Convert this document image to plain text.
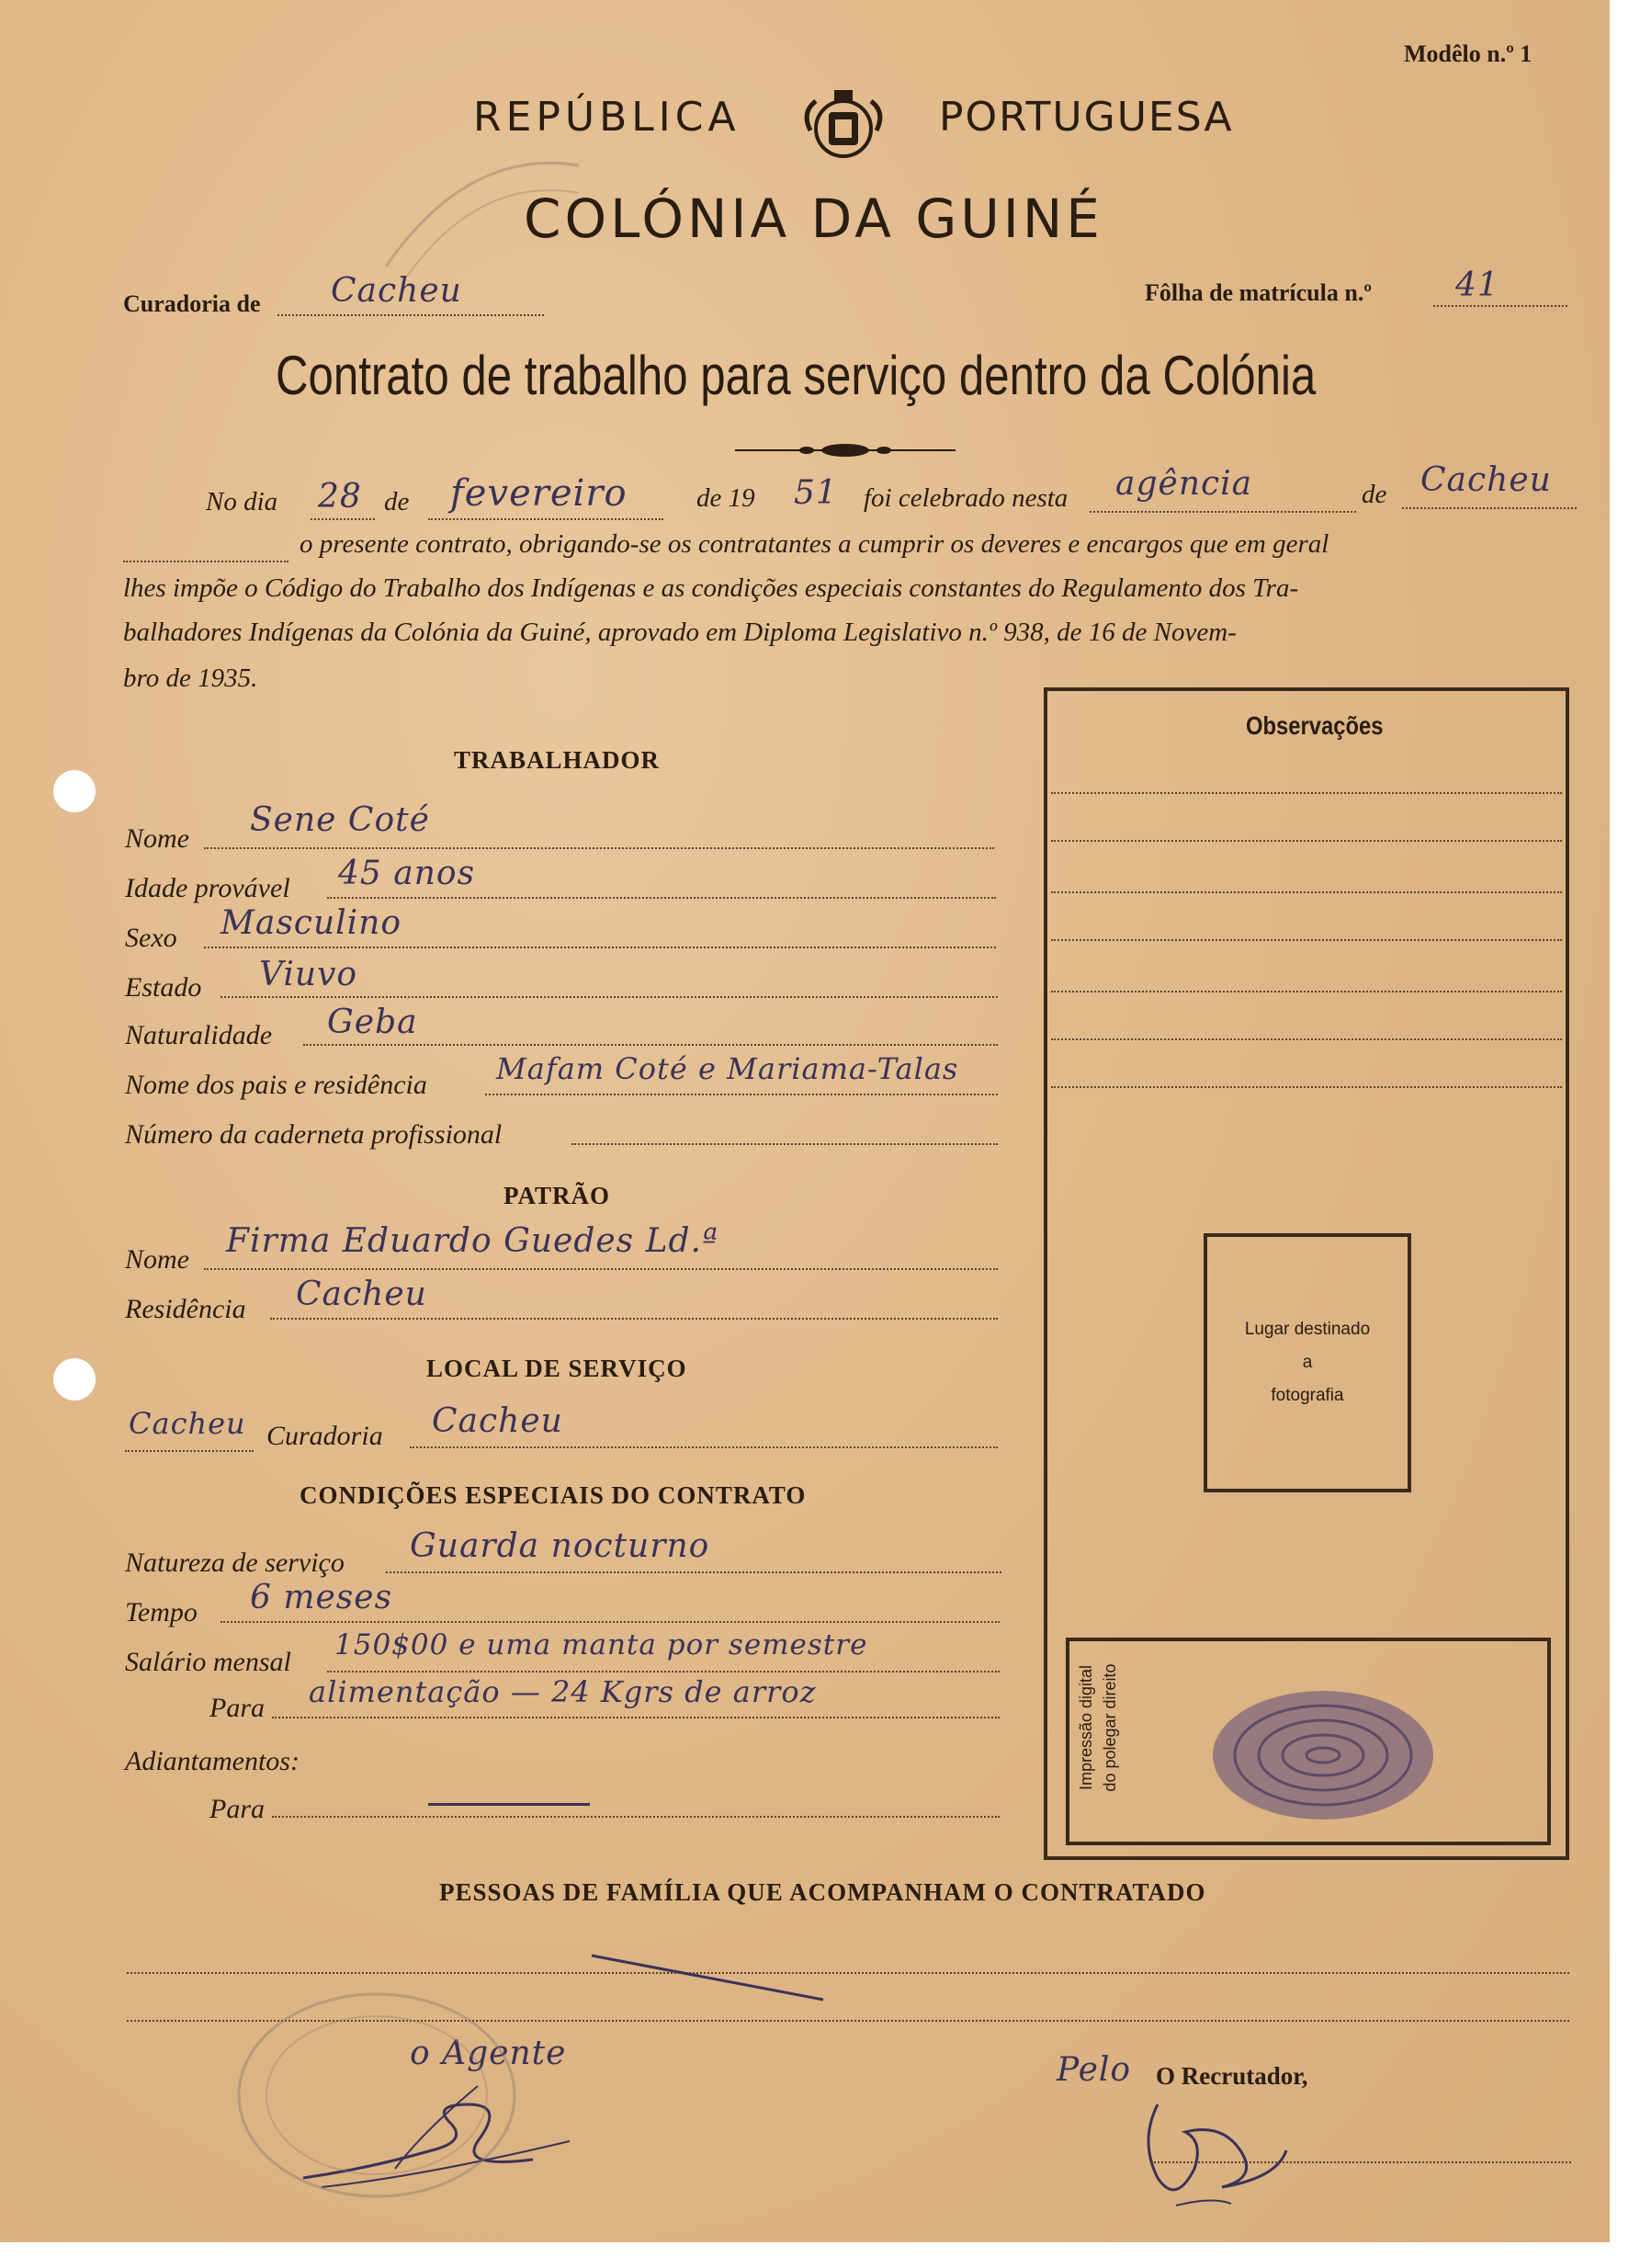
Modêlo n.º 1
REPÚBLICA	PORTUGUESA
COLÓNIA DA GUINÉ
Curadoria de Cacheu	Fôlha de matrícula n.º	41
Contrato de trabalho para serviço dentro da Colónia
No dia 28 de fevereiro	de 19 51 foi celebrado nesta agência	de Cacheu
o presente contrato, obrigando-se os contratantes a cumprir os deveres e encargos que em geral
lhes impõe o Código do Trabalho dos Indígenas e as condições especiais constantes do Regulamento dos Tra-
balhadores Indígenas da Colónia da Guiné, aprovado em Diploma Legislativo n.º 938, de 16 de Novem-
bro de 1935.
Observações
Lugar destinado
a
fotografia
Impressão digital do polegar direito
TRABALHADOR
Nome Sene Coté
Idade provável 45 anos
Sexo Masculino
Estado Viuvo
Naturalidade Geba
Nome dos pais e residência Mafam Coté e Mariama-Talas
Número da caderneta profissional
PATRÃO
Nome Firma Eduardo Guedes Ld.ª
Residência Cacheu
LOCAL DE SERVIÇO
Cacheu Curadoria Cacheu
CONDIÇÕES ESPECIAIS DO CONTRATO
Natureza de serviço Guarda nocturno
Tempo 6 meses
Salário mensal
150$00 e uma manta por semestre
Para alimentação — 24 Kgrs de arroz
Adiantamentos:
Para
PESSOAS DE FAMÍLIA QUE ACOMPANHAM O CONTRATADO
o Agente	Pelo O Recrutador,
